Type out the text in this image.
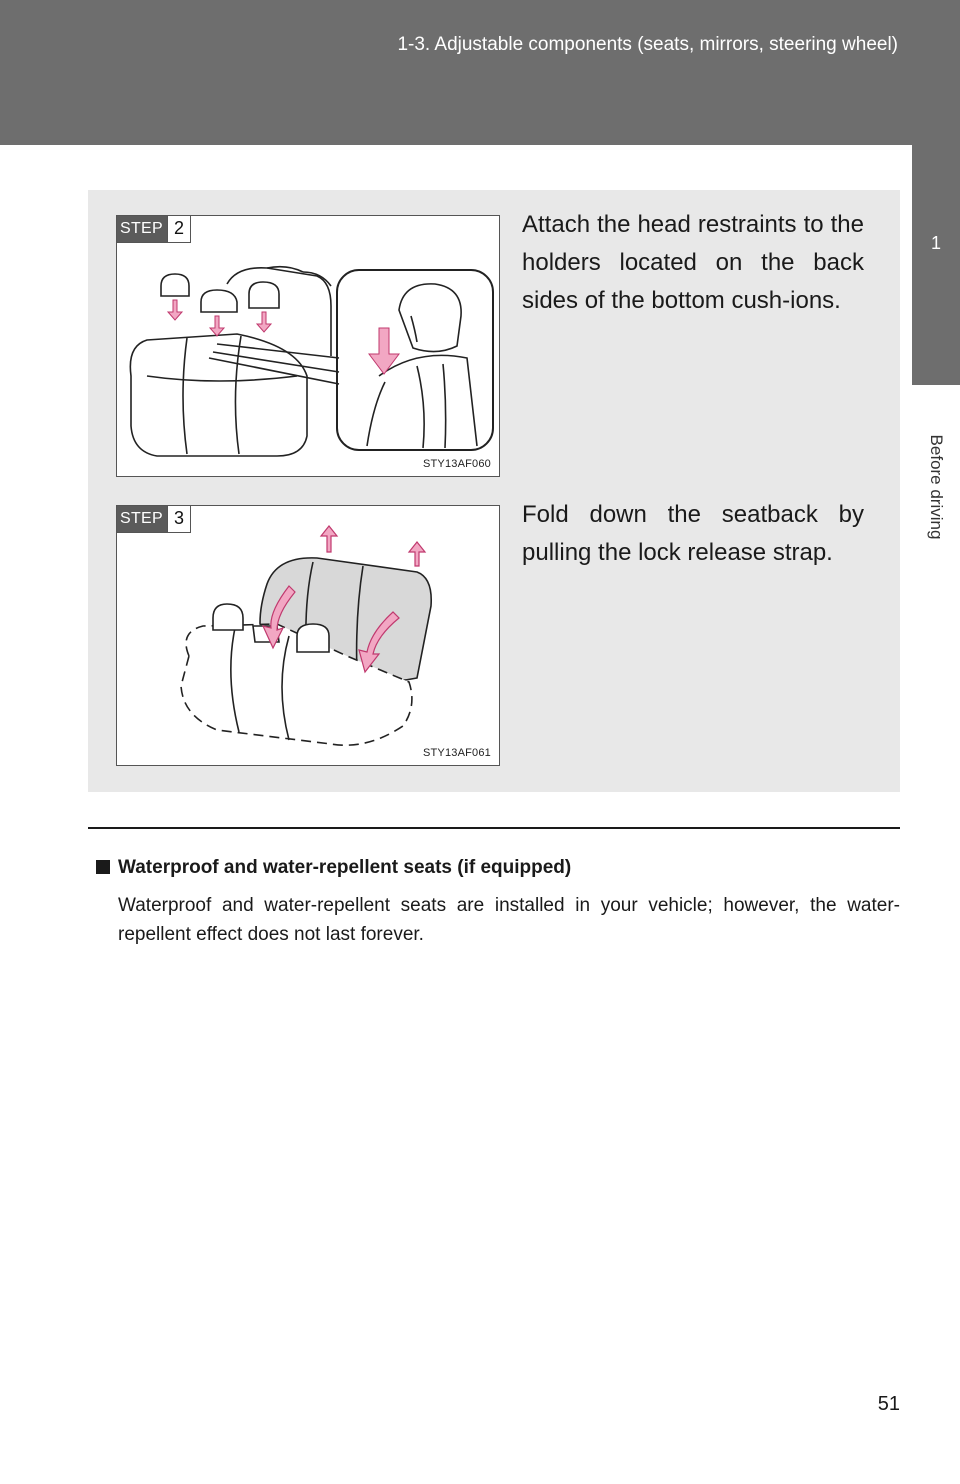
1-3. Adjustable components (seats, mirrors, steering wheel)
1
Before driving
STEP 2
STY13AF060
Attach the head restraints to the holders located on the back sides of the bottom cush-ions.
STEP 3
STY13AF061
Fold down the seatback by pulling the lock release strap.
Waterproof and water-repellent seats (if equipped)
Waterproof and water-repellent seats are installed in your vehicle; however, the water-repellent effect does not last forever.
51
